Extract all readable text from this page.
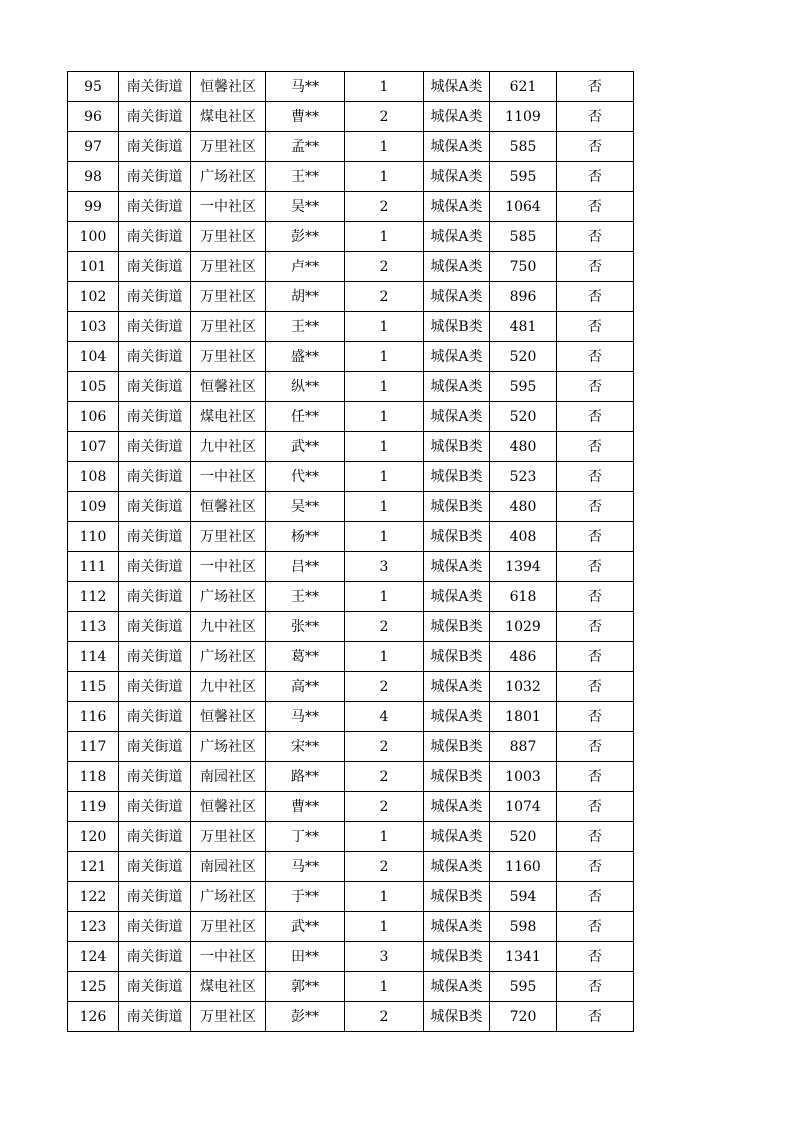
95	南关街道	恒馨社区	马**	1	城保A类	621	否
96	南关街道	煤电社区	曹**	2	城保A类	1109	否
97	南关街道	万里社区	孟**	1	城保A类	585	否
98	南关街道	广场社区	王**	1	城保A类	595	否
99	南关街道	一中社区	吴**	2	城保A类	1064	否
100	南关街道	万里社区	彭**	1	城保A类	585	否
101	南关街道	万里社区	卢**	2	城保A类	750	否
102	南关街道	万里社区	胡**	2	城保A类	896	否
103	南关街道	万里社区	王**	1	城保B类	481	否
104	南关街道	万里社区	盛**	1	城保A类	520	否
105	南关街道	恒馨社区	纵**	1	城保A类	595	否
106	南关街道	煤电社区	任**	1	城保A类	520	否
107	南关街道	九中社区	武**	1	城保B类	480	否
108	南关街道	一中社区	代**	1	城保B类	523	否
109	南关街道	恒馨社区	吴**	1	城保B类	480	否
110	南关街道	万里社区	杨**	1	城保B类	408	否
111	南关街道	一中社区	吕**	3	城保A类	1394	否
112	南关街道	广场社区	王**	1	城保A类	618	否
113	南关街道	九中社区	张**	2	城保B类	1029	否
114	南关街道	广场社区	葛**	1	城保B类	486	否
115	南关街道	九中社区	高**	2	城保A类	1032	否
116	南关街道	恒馨社区	马**	4	城保A类	1801	否
117	南关街道	广场社区	宋**	2	城保B类	887	否
118	南关街道	南园社区	路**	2	城保B类	1003	否
119	南关街道	恒馨社区	曹**	2	城保A类	1074	否
120	南关街道	万里社区	丁**	1	城保A类	520	否
121	南关街道	南园社区	马**	2	城保A类	1160	否
122	南关街道	广场社区	于**	1	城保B类	594	否
123	南关街道	万里社区	武**	1	城保A类	598	否
124	南关街道	一中社区	田**	3	城保B类	1341	否
125	南关街道	煤电社区	郭**	1	城保A类	595	否
126	南关街道	万里社区	彭**	2	城保B类	720	否
